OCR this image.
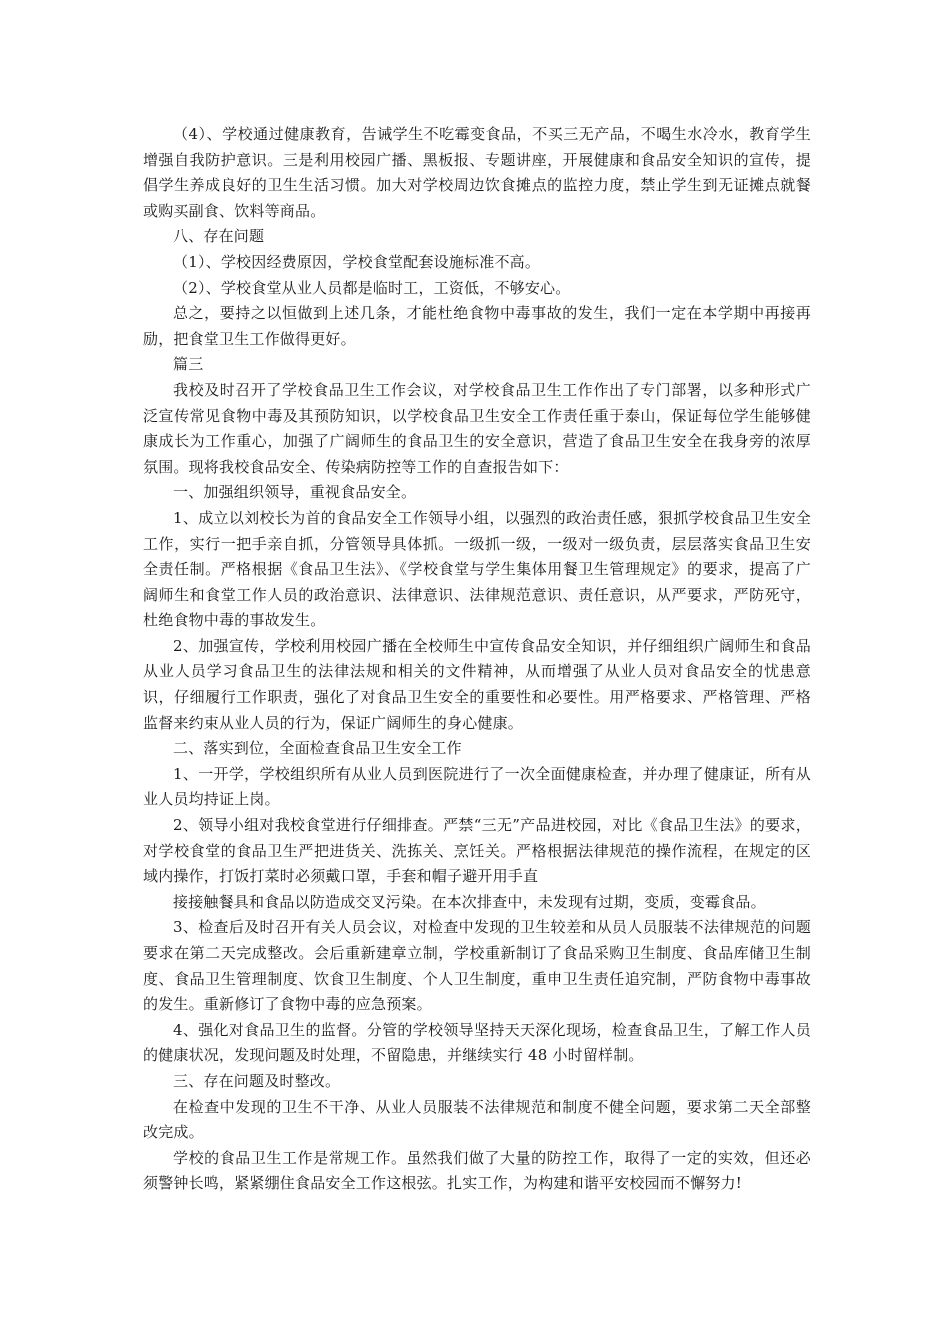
（4）、学校通过健康教育，告诫学生不吃霉变食品，不买三无产品，不喝生水冷水，教育学生增强自我防护意识。三是利用校园广播、黑板报、专题讲座，开展健康和食品安全知识的宣传，提倡学生养成良好的卫生生活习惯。加大对学校周边饮食摊点的监控力度，禁止学生到无证摊点就餐或购买副食、饮料等商品。

八、存在问题

（1）、学校因经费原因，学校食堂配套设施标准不高。

（2）、学校食堂从业人员都是临时工，工资低，不够安心。

总之，要持之以恒做到上述几条，才能杜绝食物中毒事故的发生，我们一定在本学期中再接再励，把食堂卫生工作做得更好。

篇三

我校及时召开了学校食品卫生工作会议，对学校食品卫生工作作出了专门部署，以多种形式广泛宣传常见食物中毒及其预防知识，以学校食品卫生安全工作责任重于泰山，保证每位学生能够健康成长为工作重心，加强了广阔师生的食品卫生的安全意识，营造了食品卫生安全在我身旁的浓厚氛围。现将我校食品安全、传染病防控等工作的自查报告如下：

一、加强组织领导，重视食品安全。

1、成立以刘校长为首的食品安全工作领导小组，以强烈的政治责任感，狠抓学校食品卫生安全工作，实行一把手亲自抓，分管领导具体抓。一级抓一级，一级对一级负责，层层落实食品卫生安全责任制。严格根据《食品卫生法》、《学校食堂与学生集体用餐卫生管理规定》的要求，提高了广阔师生和食堂工作人员的政治意识、法律意识、法律规范意识、责任意识，从严要求，严防死守，杜绝食物中毒的事故发生。

2、加强宣传，学校利用校园广播在全校师生中宣传食品安全知识，并仔细组织广阔师生和食品从业人员学习食品卫生的法律法规和相关的文件精神，从而增强了从业人员对食品安全的忧患意识，仔细履行工作职责，强化了对食品卫生安全的重要性和必要性。用严格要求、严格管理、严格监督来约束从业人员的行为，保证广阔师生的身心健康。

二、落实到位，全面检查食品卫生安全工作

1、一开学，学校组织所有从业人员到医院进行了一次全面健康检查，并办理了健康证，所有从业人员均持证上岗。

2、领导小组对我校食堂进行仔细排查。严禁“三无”产品进校园，对比《食品卫生法》的要求，对学校食堂的食品卫生严把进货关、洗拣关、烹饪关。严格根据法律规范的操作流程，在规定的区域内操作，打饭打菜时必须戴口罩，手套和帽子避开用手直

接接触餐具和食品以防造成交叉污染。在本次排查中，未发现有过期，变质，变霉食品。

3、检查后及时召开有关人员会议，对检查中发现的卫生较差和从员人员服装不法律规范的问题要求在第二天完成整改。会后重新建章立制，学校重新制订了食品采购卫生制度、食品库储卫生制度、食品卫生管理制度、饮食卫生制度、个人卫生制度，重申卫生责任追究制，严防食物中毒事故的发生。重新修订了食物中毒的应急预案。

4、强化对食品卫生的监督。分管的学校领导坚持天天深化现场，检查食品卫生，了解工作人员的健康状况，发现问题及时处理，不留隐患，并继续实行 48 小时留样制。

三、存在问题及时整改。

在检查中发现的卫生不干净、从业人员服装不法律规范和制度不健全问题，要求第二天全部整改完成。

学校的食品卫生工作是常规工作。虽然我们做了大量的防控工作，取得了一定的实效，但还必须警钟长鸣，紧紧绷住食品安全工作这根弦。扎实工作，为构建和谐平安校园而不懈努力!
